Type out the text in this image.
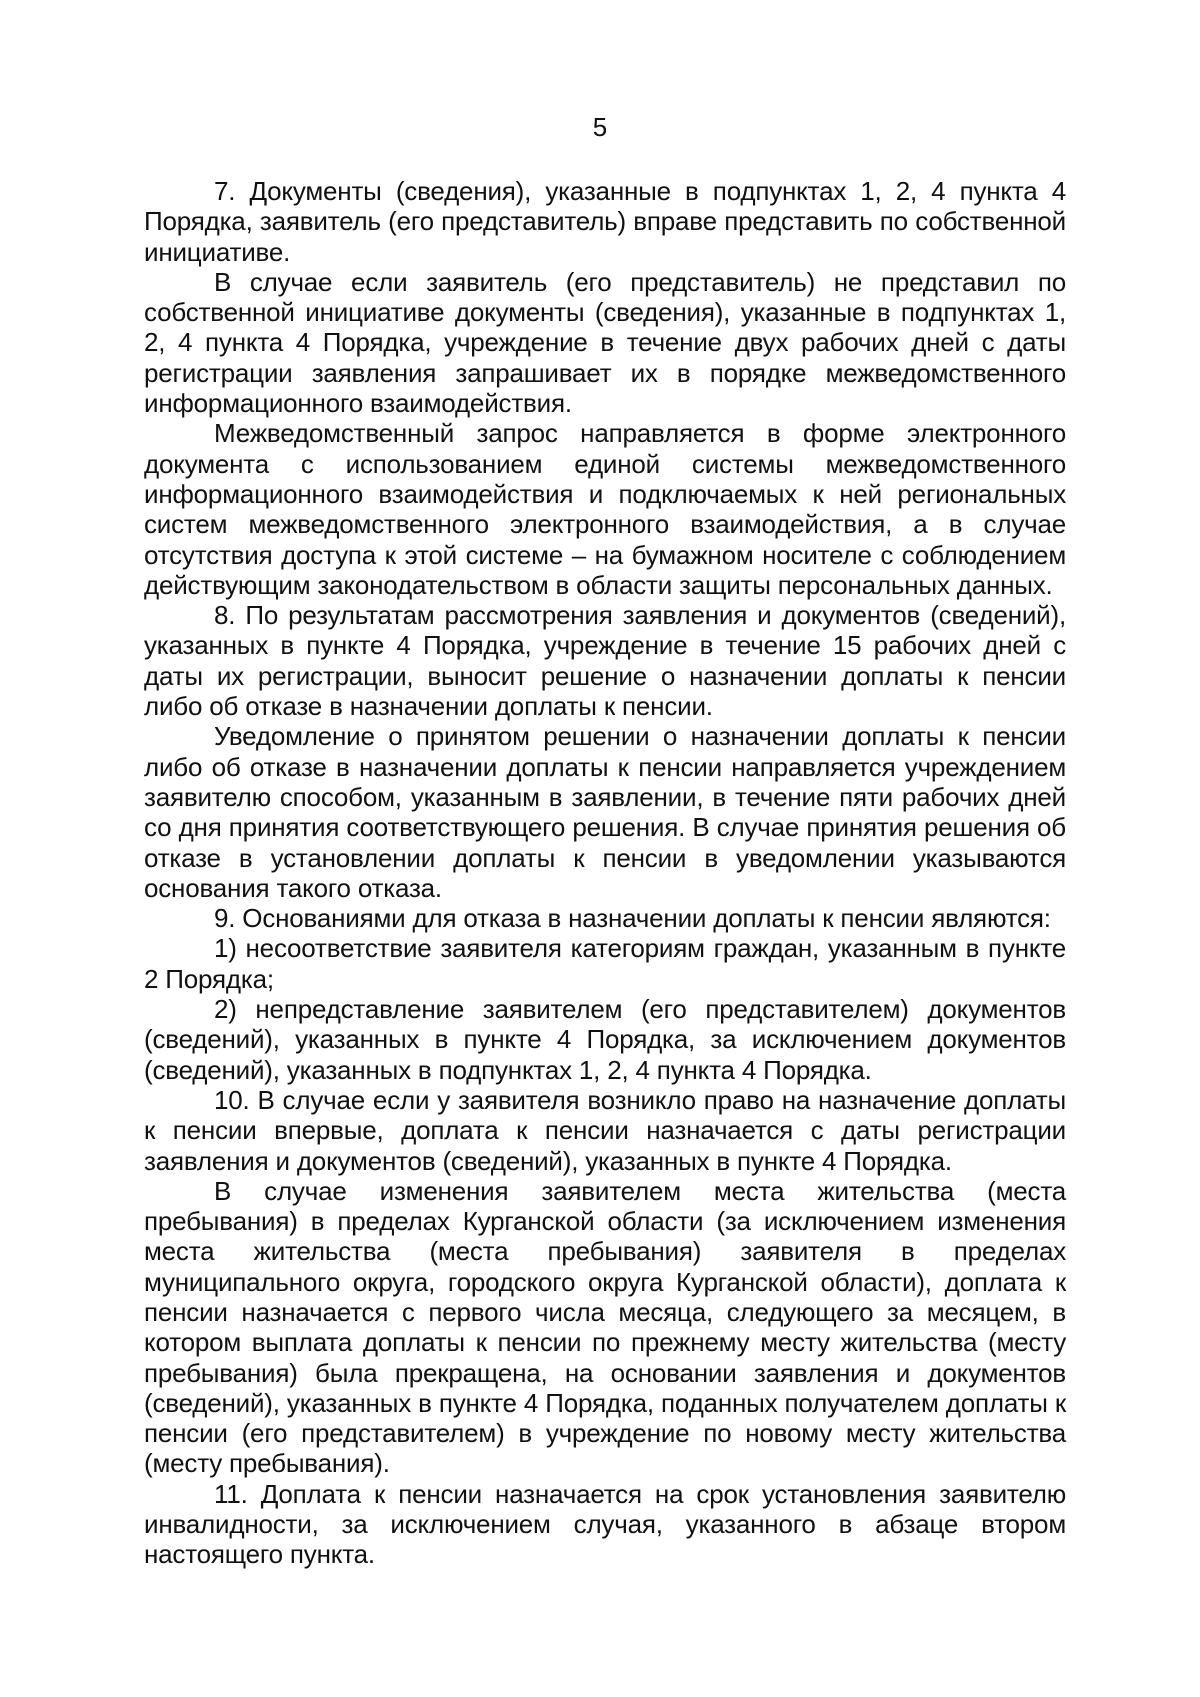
5

7. Документы (сведения), указанные в подпунктах 1, 2, 4 пункта 4 Порядка, заявитель (его представитель) вправе представить по собственной инициативе.

В случае если заявитель (его представитель) не представил по собственной инициативе документы (сведения), указанные в подпунктах 1, 2, 4 пункта 4 Порядка, учреждение в течение двух рабочих дней с даты регистрации заявления запрашивает их в порядке межведомственного информационного взаимодействия.

Межведомственный запрос направляется в форме электронного документа с использованием единой системы межведомственного информационного взаимодействия и подключаемых к ней региональных систем межведомственного электронного взаимодействия, а в случае отсутствия доступа к этой системе – на бумажном носителе с соблюдением действующим законодательством в области защиты персональных данных.

8. По результатам рассмотрения заявления и документов (сведений), указанных в пункте 4 Порядка, учреждение в течение 15 рабочих дней с даты их регистрации, выносит решение о назначении доплаты к пенсии либо об отказе в назначении доплаты к пенсии.

Уведомление о принятом решении о назначении доплаты к пенсии либо об отказе в назначении доплаты к пенсии направляется учреждением заявителю способом, указанным в заявлении, в течение пяти рабочих дней со дня принятия соответствующего решения. В случае принятия решения об отказе в установлении доплаты к пенсии в уведомлении указываются основания такого отказа.

9. Основаниями для отказа в назначении доплаты к пенсии являются:

1) несоответствие заявителя категориям граждан, указанным в пункте 2 Порядка;

2) непредставление заявителем (его представителем) документов (сведений), указанных в пункте 4 Порядка, за исключением документов (сведений), указанных в подпунктах 1, 2, 4 пункта 4 Порядка.

10. В случае если у заявителя возникло право на назначение доплаты к пенсии впервые, доплата к пенсии назначается с даты регистрации заявления и документов (сведений), указанных в пункте 4 Порядка.

В случае изменения заявителем места жительства (места пребывания) в пределах Курганской области (за исключением изменения места жительства (места пребывания) заявителя в пределах муниципального округа, городского округа Курганской области), доплата к пенсии назначается с первого числа месяца, следующего за месяцем, в котором выплата доплаты к пенсии по прежнему месту жительства (месту пребывания) была прекращена, на основании заявления и документов (сведений), указанных в пункте 4 Порядка, поданных получателем доплаты к пенсии (его представителем) в учреждение по новому месту жительства (месту пребывания).

11. Доплата к пенсии назначается на срок установления заявителю инвалидности, за исключением случая, указанного в абзаце втором настоящего пункта.
